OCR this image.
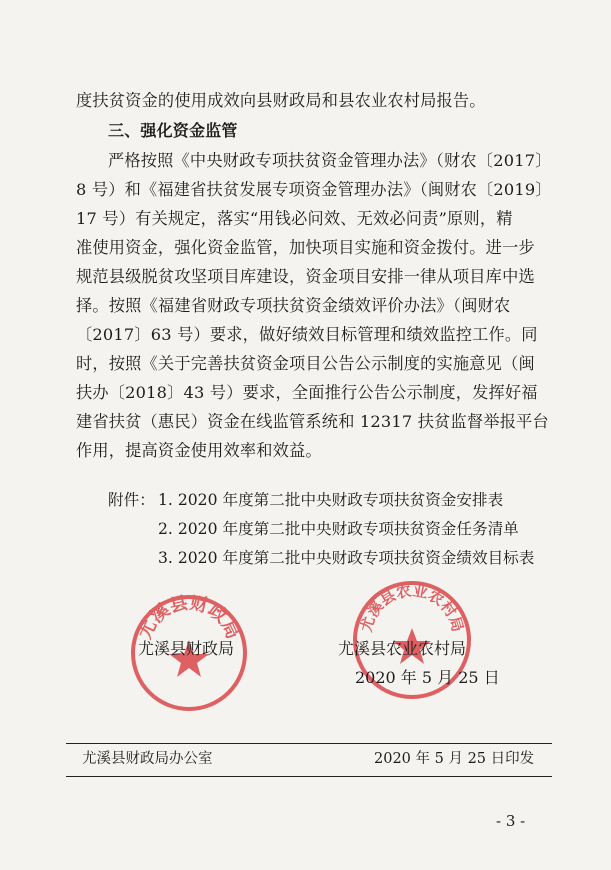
度扶贫资金的使用成效向县财政局和县农业农村局报告。
三、强化资金监管
严格按照《中央财政专项扶贫资金管理办法》（财农〔2017〕
8 号）和《福建省扶贫发展专项资金管理办法》（闽财农〔2019〕
17 号）有关规定，落实“用钱必问效、无效必问责”原则，精
准使用资金，强化资金监管，加快项目实施和资金拨付。进一步
规范县级脱贫攻坚项目库建设，资金项目安排一律从项目库中选
择。按照《福建省财政专项扶贫资金绩效评价办法》（闽财农
〔2017〕63 号）要求，做好绩效目标管理和绩效监控工作。同
时，按照《关于完善扶贫资金项目公告公示制度的实施意见（闽
扶办〔2018〕43 号）要求，全面推行公告公示制度，发挥好福
建省扶贫（惠民）资金在线监管系统和 12317 扶贫监督举报平台
作用，提高资金使用效率和效益。
附件： 1. 2020 年度第二批中央财政专项扶贫资金安排表
2. 2020 年度第二批中央财政专项扶贫资金任务清单
3. 2020 年度第二批中央财政专项扶贫资金绩效目标表
尤溪县财政局	尤溪县农业农村局
尤溪县财政局	尤溪县农业农村局
2020 年 5 月 25 日
尤溪县财政局办公室	2020 年 5 月 25 日印发
- 3 -
